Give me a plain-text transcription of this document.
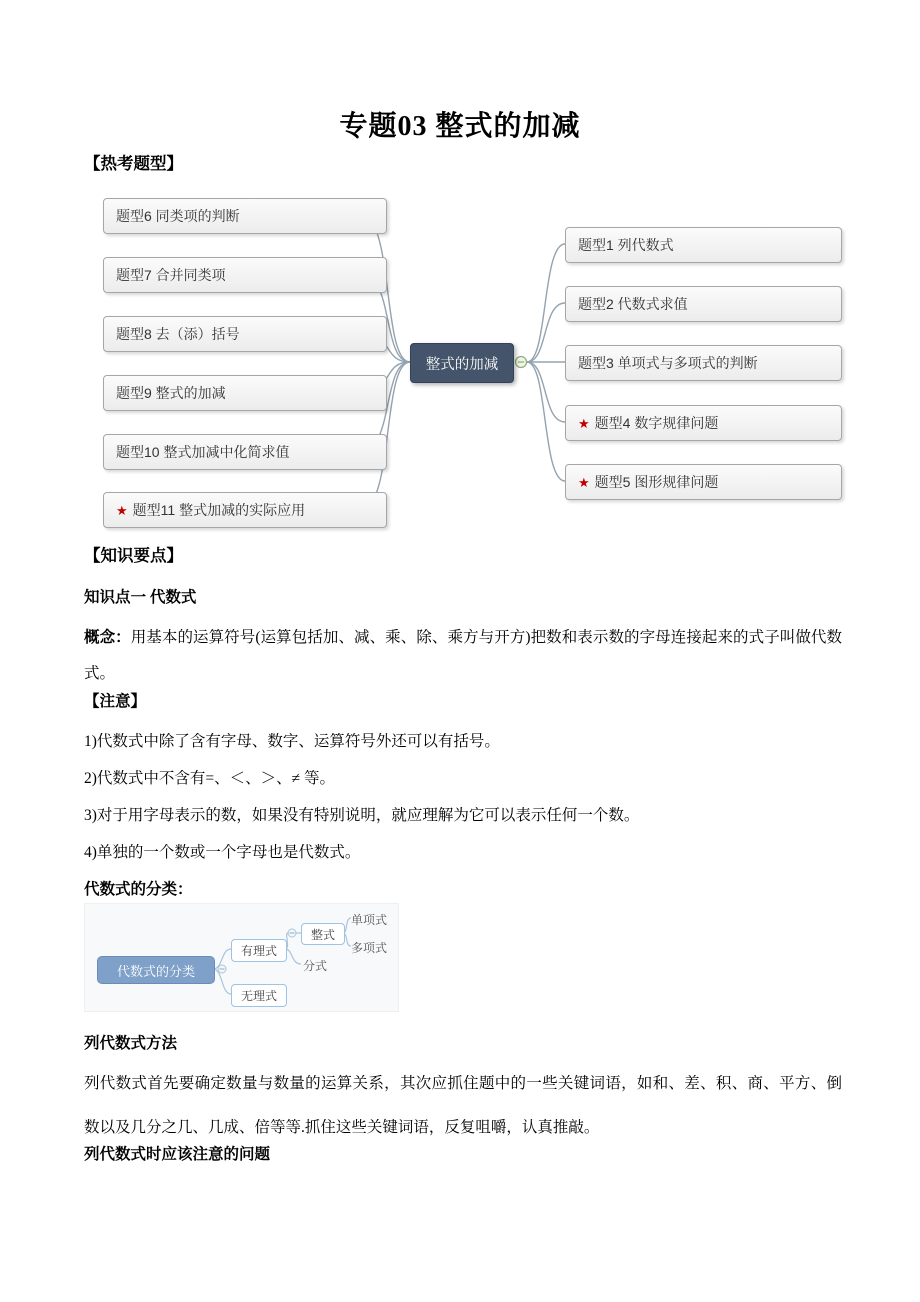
专题03 整式的加减
【热考题型】
题型6 同类项的判断
题型7 合并同类项
题型8 去（添）括号
题型9 整式的加减
题型10 整式加减中化简求值
★ 题型11 整式加减的实际应用
整式的加减
题型1 列代数式
题型2 代数式求值
题型3 单项式与多项式的判断
★ 题型4 数字规律问题
★ 题型5 图形规律问题
【知识要点】
知识点一 代数式
概念：用基本的运算符号(运算包括加、减、乘、除、乘方与开方)把数和表示数的字母连接起来的式子叫做代数式。
【注意】
1)代数式中除了含有字母、数字、运算符号外还可以有括号。
2)代数式中不含有=、＜、＞、≠ 等。
3)对于用字母表示的数，如果没有特别说明，就应理解为它可以表示任何一个数。
4)单独的一个数或一个字母也是代数式。
代数式的分类：
代数式的分类
有理式
无理式
整式
分式
单项式
多项式
列代数式方法
列代数式首先要确定数量与数量的运算关系，其次应抓住题中的一些关键词语，如和、差、积、商、平方、倒数以及几分之几、几成、倍等等.抓住这些关键词语，反复咀嚼，认真推敲。
列代数式时应该注意的问题
